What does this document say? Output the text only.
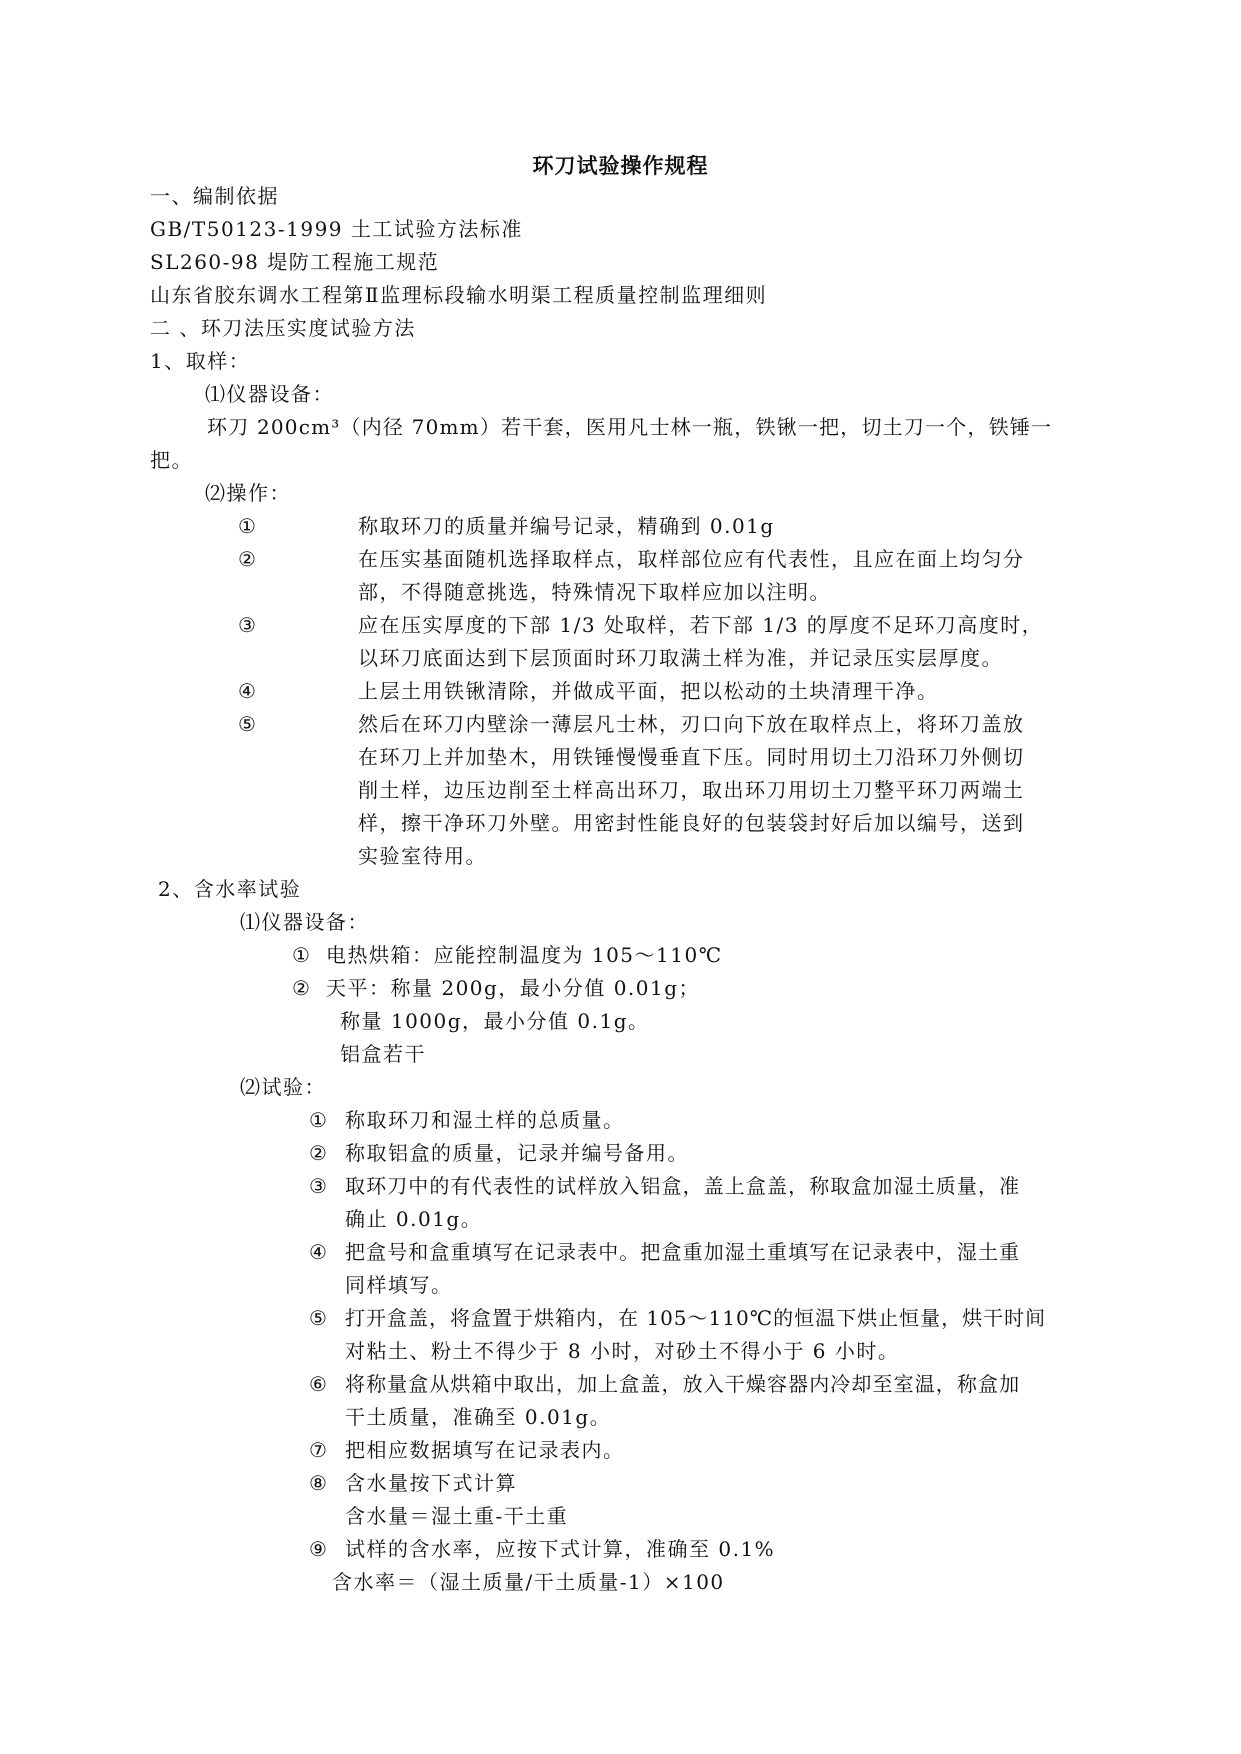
环刀试验操作规程
一、编制依据
GB/T50123-1999 土工试验方法标准
SL260-98 堤防工程施工规范
山东省胶东调水工程第Ⅱ监理标段输水明渠工程质量控制监理细则
二 、环刀法压实度试验方法
1、取样：
⑴仪器设备：
环刀 200cm³（内径 70mm）若干套，医用凡士林一瓶，铁锹一把，切土刀一个，铁锤一
把。
⑵操作：
①	称取环刀的质量并编号记录，精确到 0.01g
②	在压实基面随机选择取样点，取样部位应有代表性，且应在面上均匀分
部，不得随意挑选，特殊情况下取样应加以注明。
③	应在压实厚度的下部 1/3 处取样，若下部 1/3 的厚度不足环刀高度时，
以环刀底面达到下层顶面时环刀取满土样为准，并记录压实层厚度。
④	上层土用铁锹清除，并做成平面，把以松动的土块清理干净。
⑤	然后在环刀内壁涂一薄层凡士林，刃口向下放在取样点上，将环刀盖放
在环刀上并加垫木，用铁锤慢慢垂直下压。同时用切土刀沿环刀外侧切
削土样，边压边削至土样高出环刀，取出环刀用切土刀整平环刀两端土
样，擦干净环刀外壁。用密封性能良好的包装袋封好后加以编号，送到
实验室待用。
2、含水率试验
⑴仪器设备：
① 电热烘箱：应能控制温度为 105～110℃
② 天平：称量 200g，最小分值 0.01g；
称量 1000g，最小分值 0.1g。
铝盒若干
⑵试验：
① 称取环刀和湿土样的总质量。
② 称取铝盒的质量，记录并编号备用。
③ 取环刀中的有代表性的试样放入铝盒，盖上盒盖，称取盒加湿土质量，准
确止 0.01g。
④ 把盒号和盒重填写在记录表中。把盒重加湿土重填写在记录表中，湿土重
同样填写。
⑤ 打开盒盖，将盒置于烘箱内，在 105～110℃的恒温下烘止恒量，烘干时间
对粘土、粉土不得少于 8 小时，对砂土不得小于 6 小时。
⑥ 将称量盒从烘箱中取出，加上盒盖，放入干燥容器内冷却至室温，称盒加
干土质量，准确至 0.01g。
⑦ 把相应数据填写在记录表内。
⑧ 含水量按下式计算
含水量＝湿土重-干土重
⑨ 试样的含水率，应按下式计算，准确至 0.1%
含水率＝（湿土质量/干土质量-1）×100
